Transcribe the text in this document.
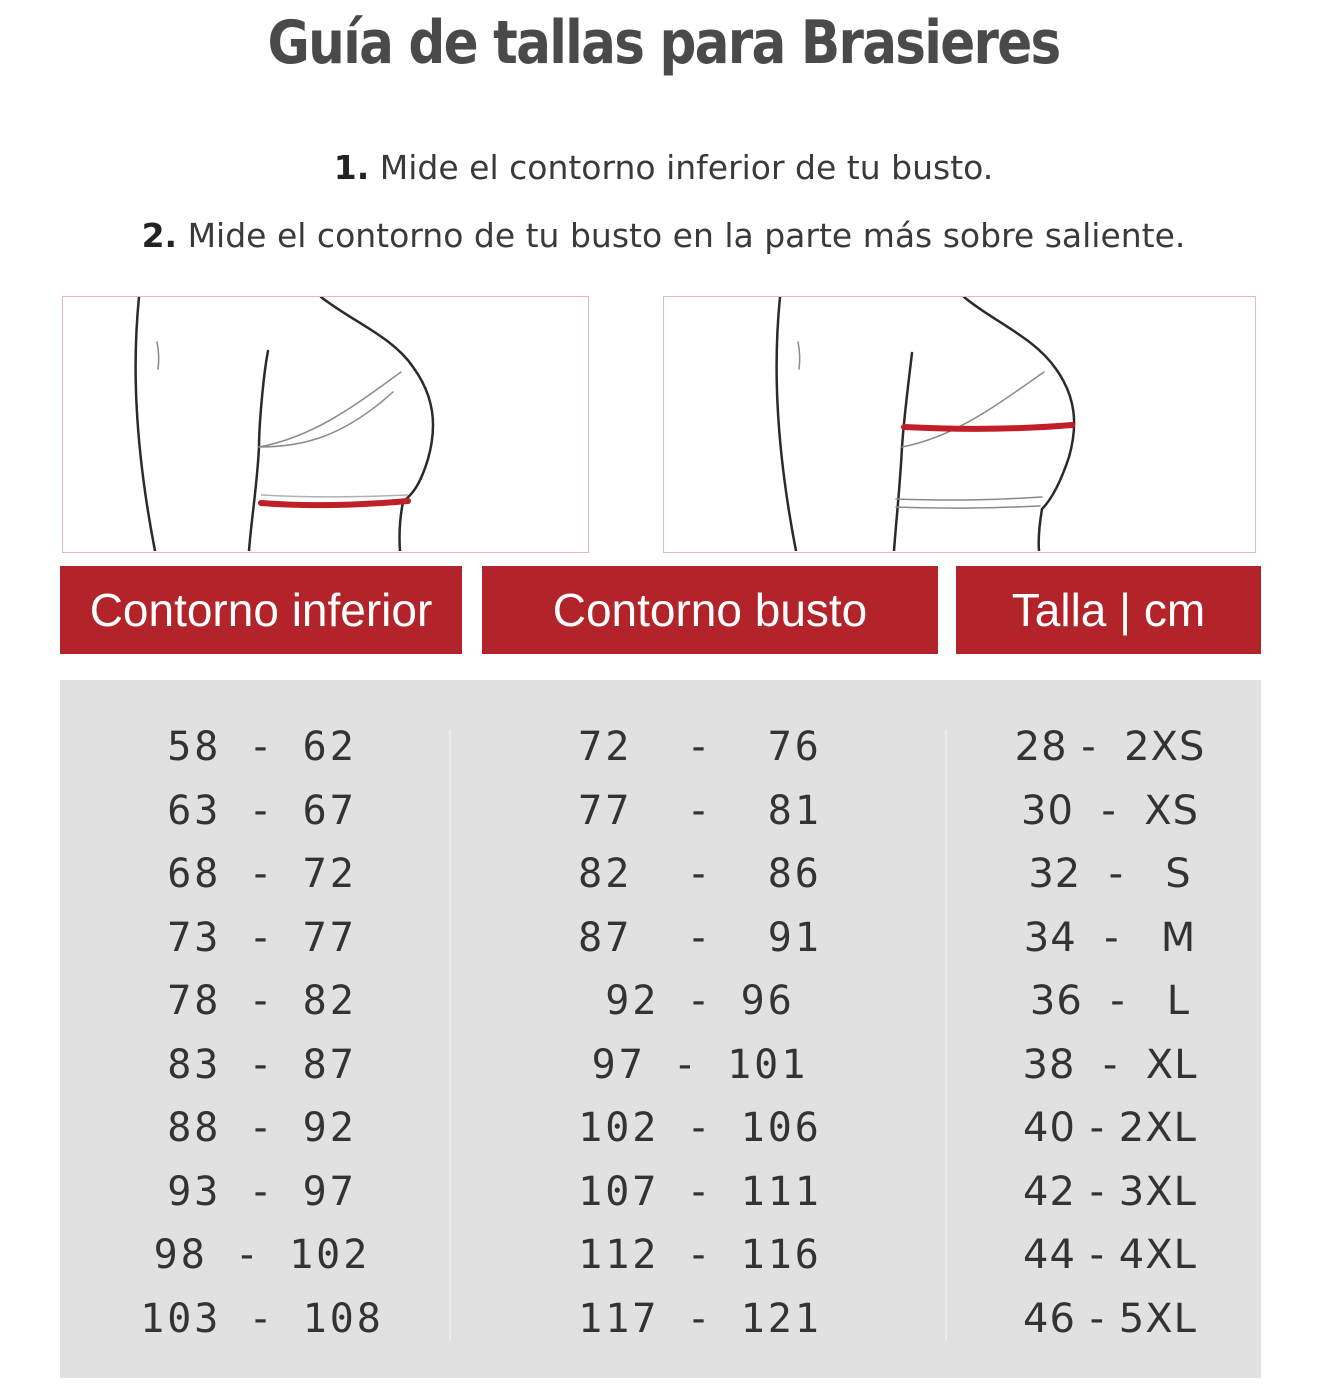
Guía de tallas para Brasieres
1. Mide el contorno inferior de tu busto.
2. Mide el contorno de tu busto en la parte más sobre saliente.
Contorno inferior	Contorno busto	Talla | cm
58 - 62
63 - 67
68 - 72
73 - 77
78 - 82
83 - 87
88 - 92
93 - 97
98 - 102
103 - 108
72  -  76
77  -  81
82  -  86
87  -  91
92 - 96
97 - 101
102 - 106
107 - 111
112 - 116
117 - 121
28 -  2XS
30  -  XS
32  -   S
34  -   M
36  -   L
38  -  XL
40 - 2XL
42 - 3XL
44 - 4XL
46 - 5XL
